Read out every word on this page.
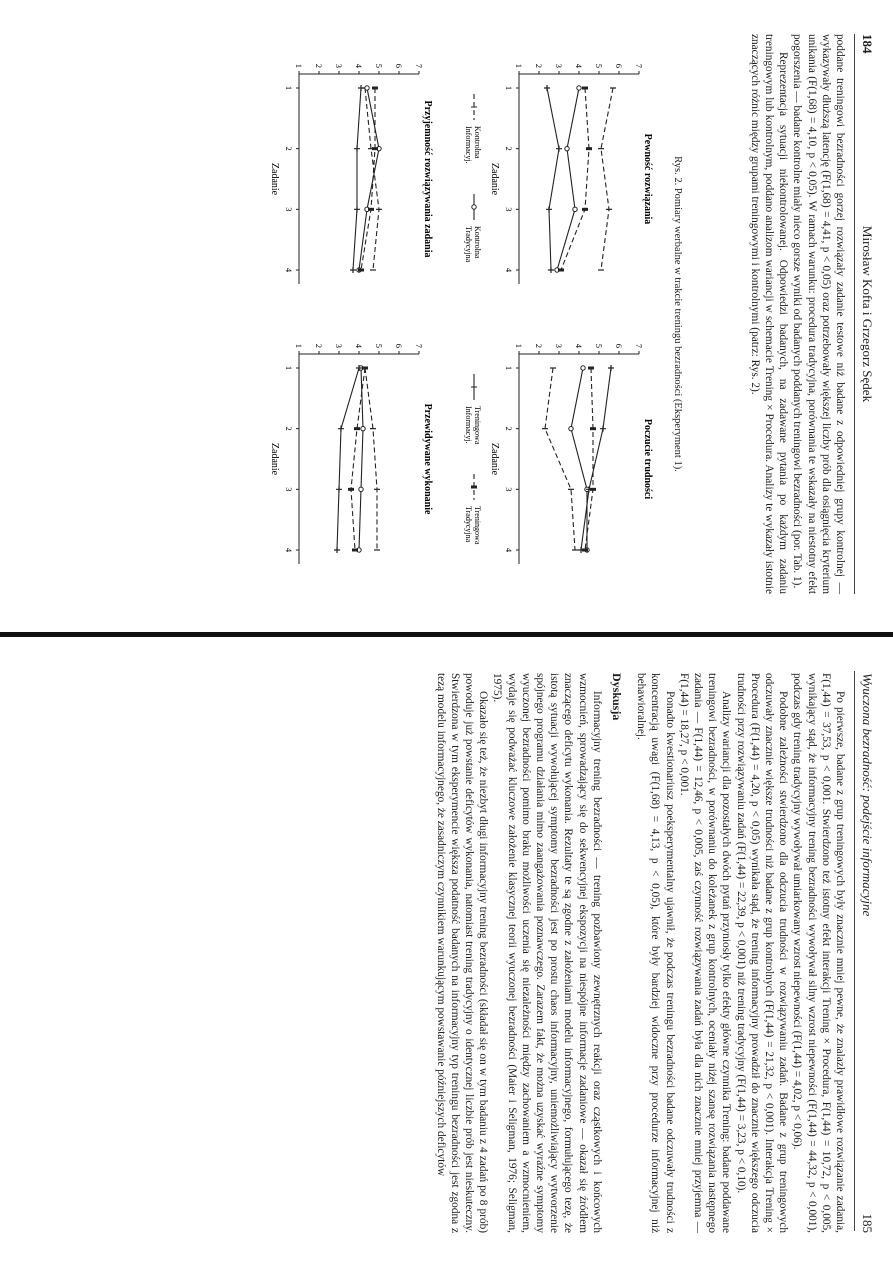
Mirosław Kofta i Grzegorz Sędek
184

poddane treningowi bezradności gorzej rozwiązały zadanie testowe niż badane z odpowiedniej grupy kontrolnej — wykazywały dłuższą latencję (F(1,68) = 4,41, p < 0,05) oraz potrzebowały większej liczby prób dla osiągnięcia kryterium unikania (F(1,68) = 4,10, p < 0,05). W ramach warunku: procedura tradycyjna, porównania te wskazały na niestotny efekt pogorszenia — badane kontrolne miały nieco gorsze wyniki od badanych poddanych treningowi bezradności (por. Tab. 1).

Reprezentacja sytuacji niekontrolowanej. Odpowiedzi badanych, na zadawane pytania po każdym zadaniu treningowym lub kontrolnym, poddano analizom wariancji w schemacie Trening × Procedura. Analizy te wykazały istotnie znaczących różnic między grupami treningowymi i kontrolnymi (patrz: Rys. 2).

Rys. 2. Pomiary werbalne w trakcie treningu bezradności (Eksperyment 1).
Pewność rozwiązania
1 2 3 4 5 6 7
1
2
3
4
Zadanie
Poczucie trudności
1 2 3 4 5 6 7
1
2
3
4
Zadanie
Przyjemność rozwiązywania zadania
1 2 3 4 5 6 7
1
2
3
4
Zadanie
Przewidywane wykonanie
1 2 3 4 5 6 7
1
2
3
4
Zadanie
Kontrolna
Informacyj.
Kontrolna
Tradycyjna
Treningowa
Informacyj.
Treningowa
Tradycyjna
Wyuczona bezradność: podejście informacyjne
185

Po pierwsze, badane z grup treningowych były znacznie mniej pewne, że znalazły prawidłowe rozwiązanie zadania, F(1,44) = 37,53, p < 0,001. Stwierdzono też istotny efekt interakcji Trening × Procedura, F(1,44) = 10,72, p < 0,005, wynikający stąd, że informacyjny trening bezradności wywoływał silny wzrost niepewności (F(1,44) = 44,32, p < 0,001), podczas gdy trening tradycyjny wywoływał umiarkowany wzrost niepewności (F(1,44) = 4,02, p < 0,06).

Podobne zależności stwierdzono dla odczucia trudności w rozwiązywaniu zadań. Badane z grup treningowych odczuwały znacznie większe trudności niż badane z grup kontrolnych (F(1,44) = 21,32, p < 0,001). Interakcja Trening × Procedura (F(1,44) = 4,20, p < 0,05) wynikała stąd, że trening informacyjny prowadził do znacznie większego odczucia trudności przy rozwiązywaniu zadań (F(1,44) = 22,39, p < 0,001) niż trening tradycyjny (F(1,44) = 3,23, p < 0,10).

Analizy wariancji dla pozostałych dwóch pytań przyniosły tylko efekty główne czynnika Trening: badane poddawane treningowi bezradności, w porównaniu do koleżanek z grup kontrolnych, oceniały niżej szansę rozwiązania następnego zadania — F(1,44) = 12,46, p < 0,005, zaś czynność rozwiązywania zadań była dla nich znacznie mniej przyjemna — F(1,44) = 18,27, p < 0,001.

Ponadto kwestionariusz poeksperymentalny ujawnił, że podczas treningu bezradności badane odczuwały trudności z koncentracją uwagi (F(1,68) = 4,13, p < 0,05), które były bardziej widoczne przy procedurze informacyjnej niż behawioralnej.

Dyskusja

Informacyjny trening bezradności — trening pozbawiony zewnętrznych reakcji oraz cząstkowych i końcowych wzmocnień, sprowadzający się do sekwencyjnej ekspozycji na niespójne informacje zadaniowe — okazał się źródłem znaczącego deficytu wykonania. Rezultaty te są zgodne z założeniami modelu informacyjnego, formułującego tezę, że istotą sytuacji wywołującej symptomy bezradności jest po prostu chaos informacyjny, uniemożliwiający wytworzenie spójnego programu działania mimo zaangażowania poznawczego. Zarazem fakt, że można uzyskać wyraźne symptomy wyuczonej bezradności pomimo braku możliwości uczenia się niezależności między zachowaniem a wzmocnieniem, wydaje się podważać kluczowe założenie klasycznej teorii wyuczonej bezradności (Maier i Seligman, 1976; Seligman, 1975).

Okazało się też, że niezbyt długi informacyjny trening bezradności (składał się on w tym badaniu z 4 zadań po 8 prób) powoduje już powstanie deficytów wykonania, natomiast trening tradycyjny o identycznej liczbie prób jest nieskuteczny. Stwierdzona w tym eksperymencie większa podatność badanych na informacyjny typ treningu bezradności jest zgodna z tezą modelu informacyjnego, że zasadniczym czynnikiem warunkującym powstawanie późniejszych deficytów
